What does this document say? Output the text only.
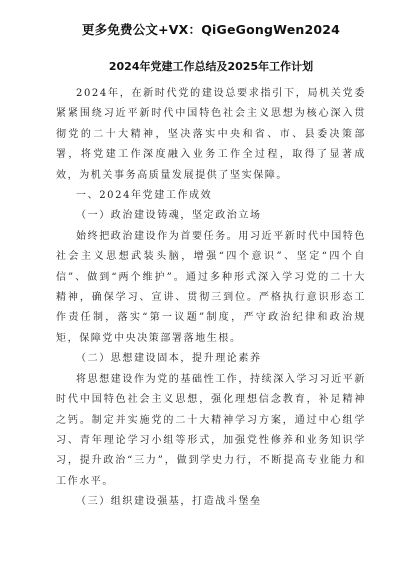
更多免费公文+VX：QiGeGongWen2024
2024年党建工作总结及2025年工作计划

2024年，在新时代党的建设总要求指引下，局机关党委紧紧围绕习近平新时代中国特色社会主义思想为核心深入贯彻党的二十大精神，坚决落实中央和省、市、县委决策部署，将党建工作深度融入业务工作全过程，取得了显著成效，为机关事务高质量发展提供了坚实保障。

一、2024年党建工作成效

（一）政治建设铸魂，坚定政治立场

始终把政治建设作为首要任务。用习近平新时代中国特色社会主义思想武装头脑，增强“四个意识”、坚定“四个自信”、做到“两个维护”。通过多种形式深入学习党的二十大精神，确保学习、宣讲、贯彻三到位。严格执行意识形态工作责任制，落实“第一议题”制度，严守政治纪律和政治规矩，保障党中央决策部署落地生根。

（二）思想建设固本，提升理论素养

将思想建设作为党的基础性工作，持续深入学习习近平新时代中国特色社会主义思想，强化理想信念教育，补足精神之钙。制定并实施党的二十大精神学习方案，通过中心组学习、青年理论学习小组等形式，加强党性修养和业务知识学习，提升政治“三力”，做到学史力行，不断提高专业能力和工作水平。

（三）组织建设强基，打造战斗堡垒
